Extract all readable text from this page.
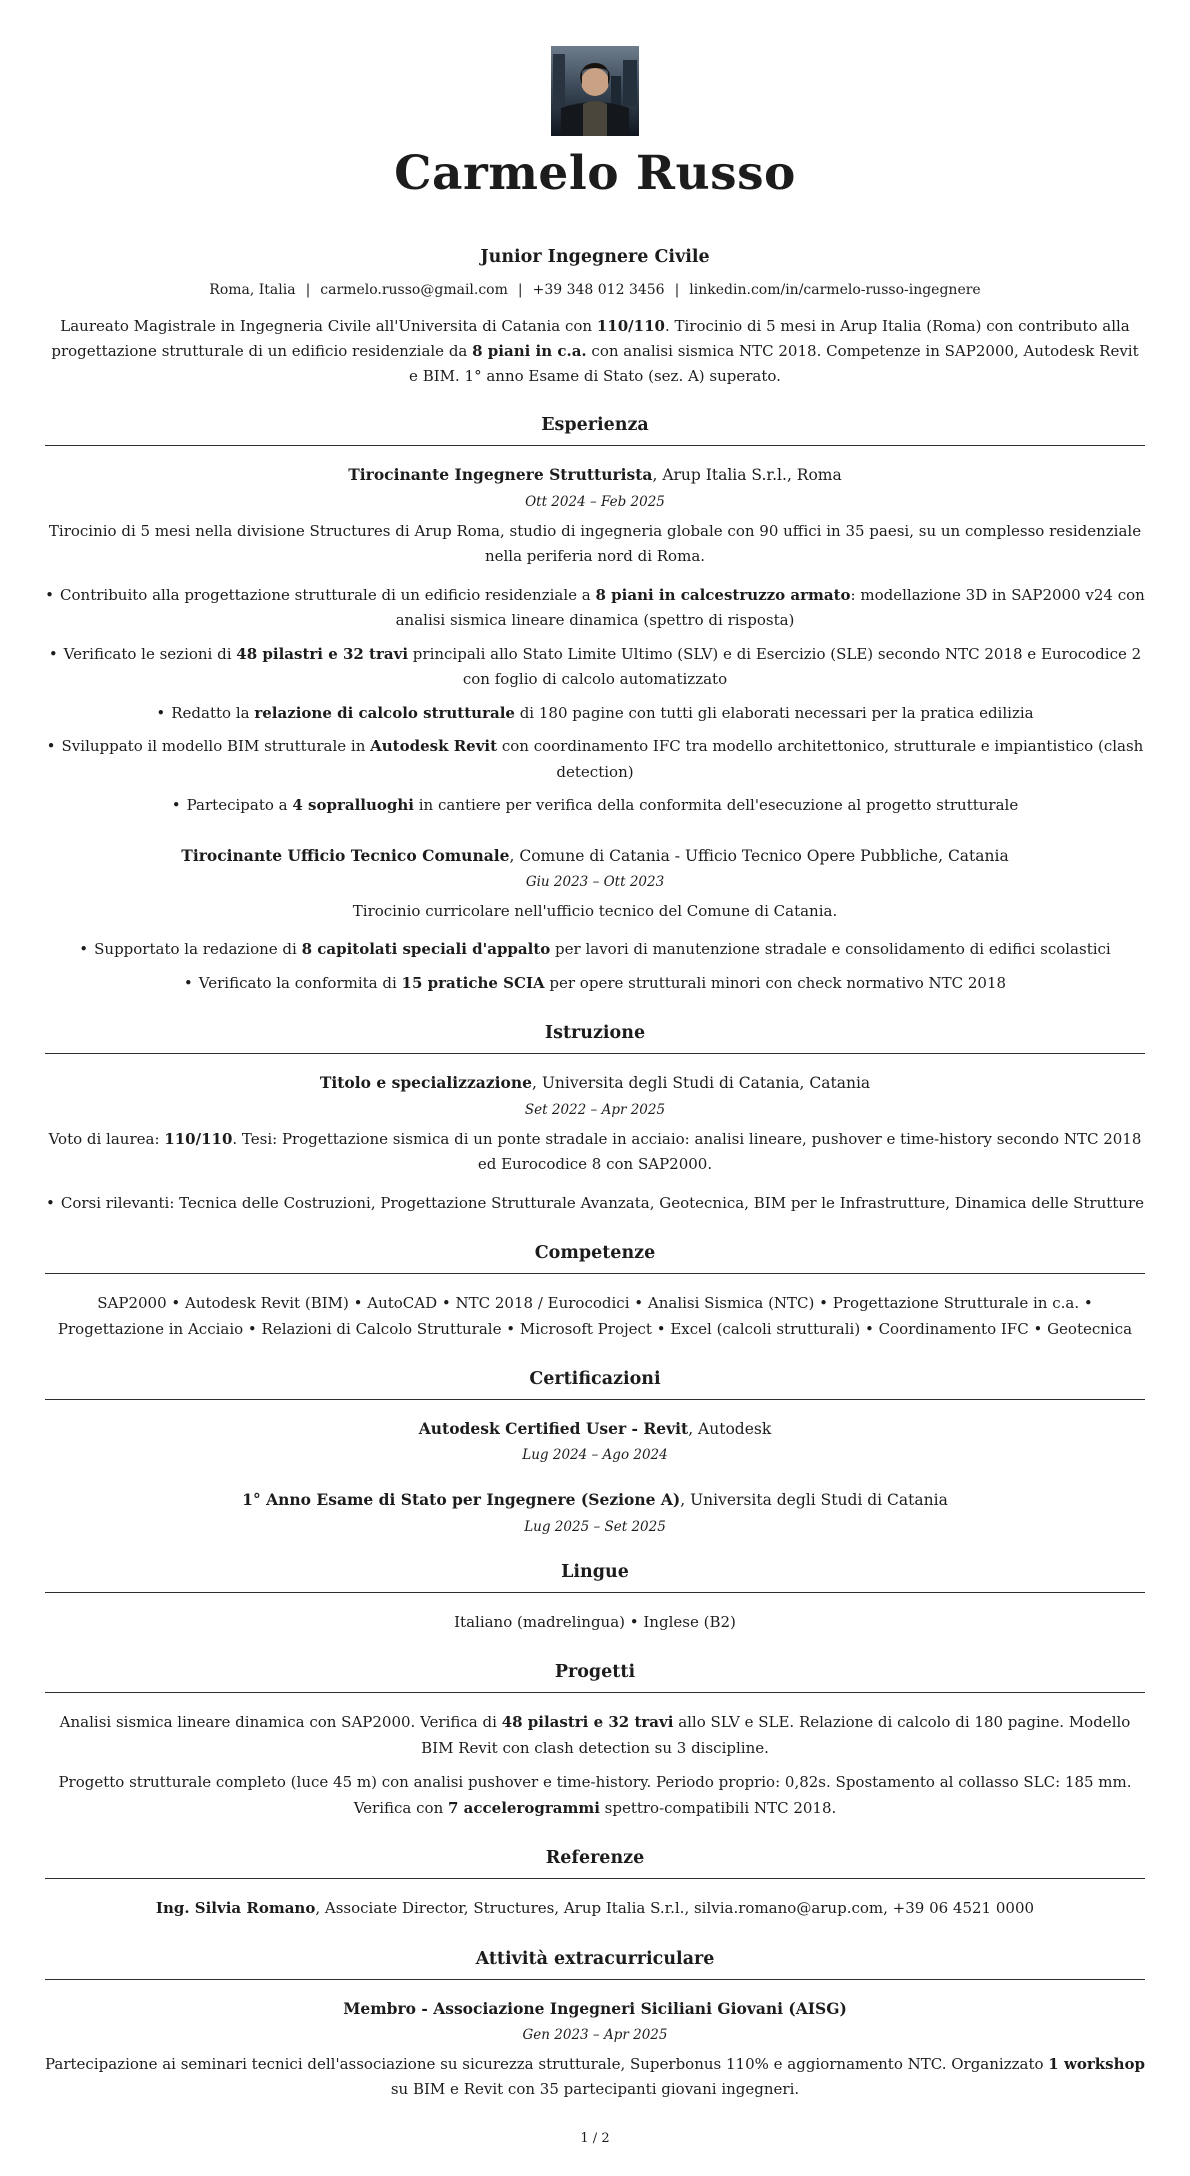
Carmelo Russo
Junior Ingegnere Civile
Roma, Italia | carmelo.russo@gmail.com | +39 348 012 3456 | linkedin.com/in/carmelo-russo-ingegnere
Laureato Magistrale in Ingegneria Civile all'Universita di Catania con 110/110. Tirocinio di 5 mesi in Arup Italia (Roma) con contributo alla progettazione strutturale di un edificio residenziale da 8 piani in c.a. con analisi sismica NTC 2018. Competenze in SAP2000, Autodesk Revit e BIM. 1° anno Esame di Stato (sez. A) superato.
Esperienza
Tirocinante Ingegnere Strutturista, Arup Italia S.r.l., Roma
Ott 2024 – Feb 2025
Tirocinio di 5 mesi nella divisione Structures di Arup Roma, studio di ingegneria globale con 90 uffici in 35 paesi, su un complesso residenziale nella periferia nord di Roma.
• Contribuito alla progettazione strutturale di un edificio residenziale a 8 piani in calcestruzzo armato: modellazione 3D in SAP2000 v24 con analisi sismica lineare dinamica (spettro di risposta)
• Verificato le sezioni di 48 pilastri e 32 travi principali allo Stato Limite Ultimo (SLV) e di Esercizio (SLE) secondo NTC 2018 e Eurocodice 2 con foglio di calcolo automatizzato
• Redatto la relazione di calcolo strutturale di 180 pagine con tutti gli elaborati necessari per la pratica edilizia
• Sviluppato il modello BIM strutturale in Autodesk Revit con coordinamento IFC tra modello architettonico, strutturale e impiantistico (clash detection)
• Partecipato a 4 sopralluoghi in cantiere per verifica della conformita dell'esecuzione al progetto strutturale
Tirocinante Ufficio Tecnico Comunale, Comune di Catania - Ufficio Tecnico Opere Pubbliche, Catania
Giu 2023 – Ott 2023
Tirocinio curricolare nell'ufficio tecnico del Comune di Catania.
• Supportato la redazione di 8 capitolati speciali d'appalto per lavori di manutenzione stradale e consolidamento di edifici scolastici
• Verificato la conformita di 15 pratiche SCIA per opere strutturali minori con check normativo NTC 2018
Istruzione
Titolo e specializzazione, Universita degli Studi di Catania, Catania
Set 2022 – Apr 2025
Voto di laurea: 110/110. Tesi: Progettazione sismica di un ponte stradale in acciaio: analisi lineare, pushover e time-history secondo NTC 2018 ed Eurocodice 8 con SAP2000.
• Corsi rilevanti: Tecnica delle Costruzioni, Progettazione Strutturale Avanzata, Geotecnica, BIM per le Infrastrutture, Dinamica delle Strutture
Competenze
SAP2000 • Autodesk Revit (BIM) • AutoCAD • NTC 2018 / Eurocodici • Analisi Sismica (NTC) • Progettazione Strutturale in c.a. • Progettazione in Acciaio • Relazioni di Calcolo Strutturale • Microsoft Project • Excel (calcoli strutturali) • Coordinamento IFC • Geotecnica
Certificazioni
Autodesk Certified User - Revit, Autodesk
Lug 2024 – Ago 2024
1° Anno Esame di Stato per Ingegnere (Sezione A), Universita degli Studi di Catania
Lug 2025 – Set 2025
Lingue
Italiano (madrelingua) • Inglese (B2)
Progetti
Analisi sismica lineare dinamica con SAP2000. Verifica di 48 pilastri e 32 travi allo SLV e SLE. Relazione di calcolo di 180 pagine. Modello BIM Revit con clash detection su 3 discipline.
Progetto strutturale completo (luce 45 m) con analisi pushover e time-history. Periodo proprio: 0,82s. Spostamento al collasso SLC: 185 mm. Verifica con 7 accelerogrammi spettro-compatibili NTC 2018.
Referenze
Ing. Silvia Romano, Associate Director, Structures, Arup Italia S.r.l., silvia.romano@arup.com, +39 06 4521 0000
Attività extracurriculare
Membro - Associazione Ingegneri Siciliani Giovani (AISG)
Gen 2023 – Apr 2025
Partecipazione ai seminari tecnici dell'associazione su sicurezza strutturale, Superbonus 110% e aggiornamento NTC. Organizzato 1 workshop su BIM e Revit con 35 partecipanti giovani ingegneri.
1 / 2
